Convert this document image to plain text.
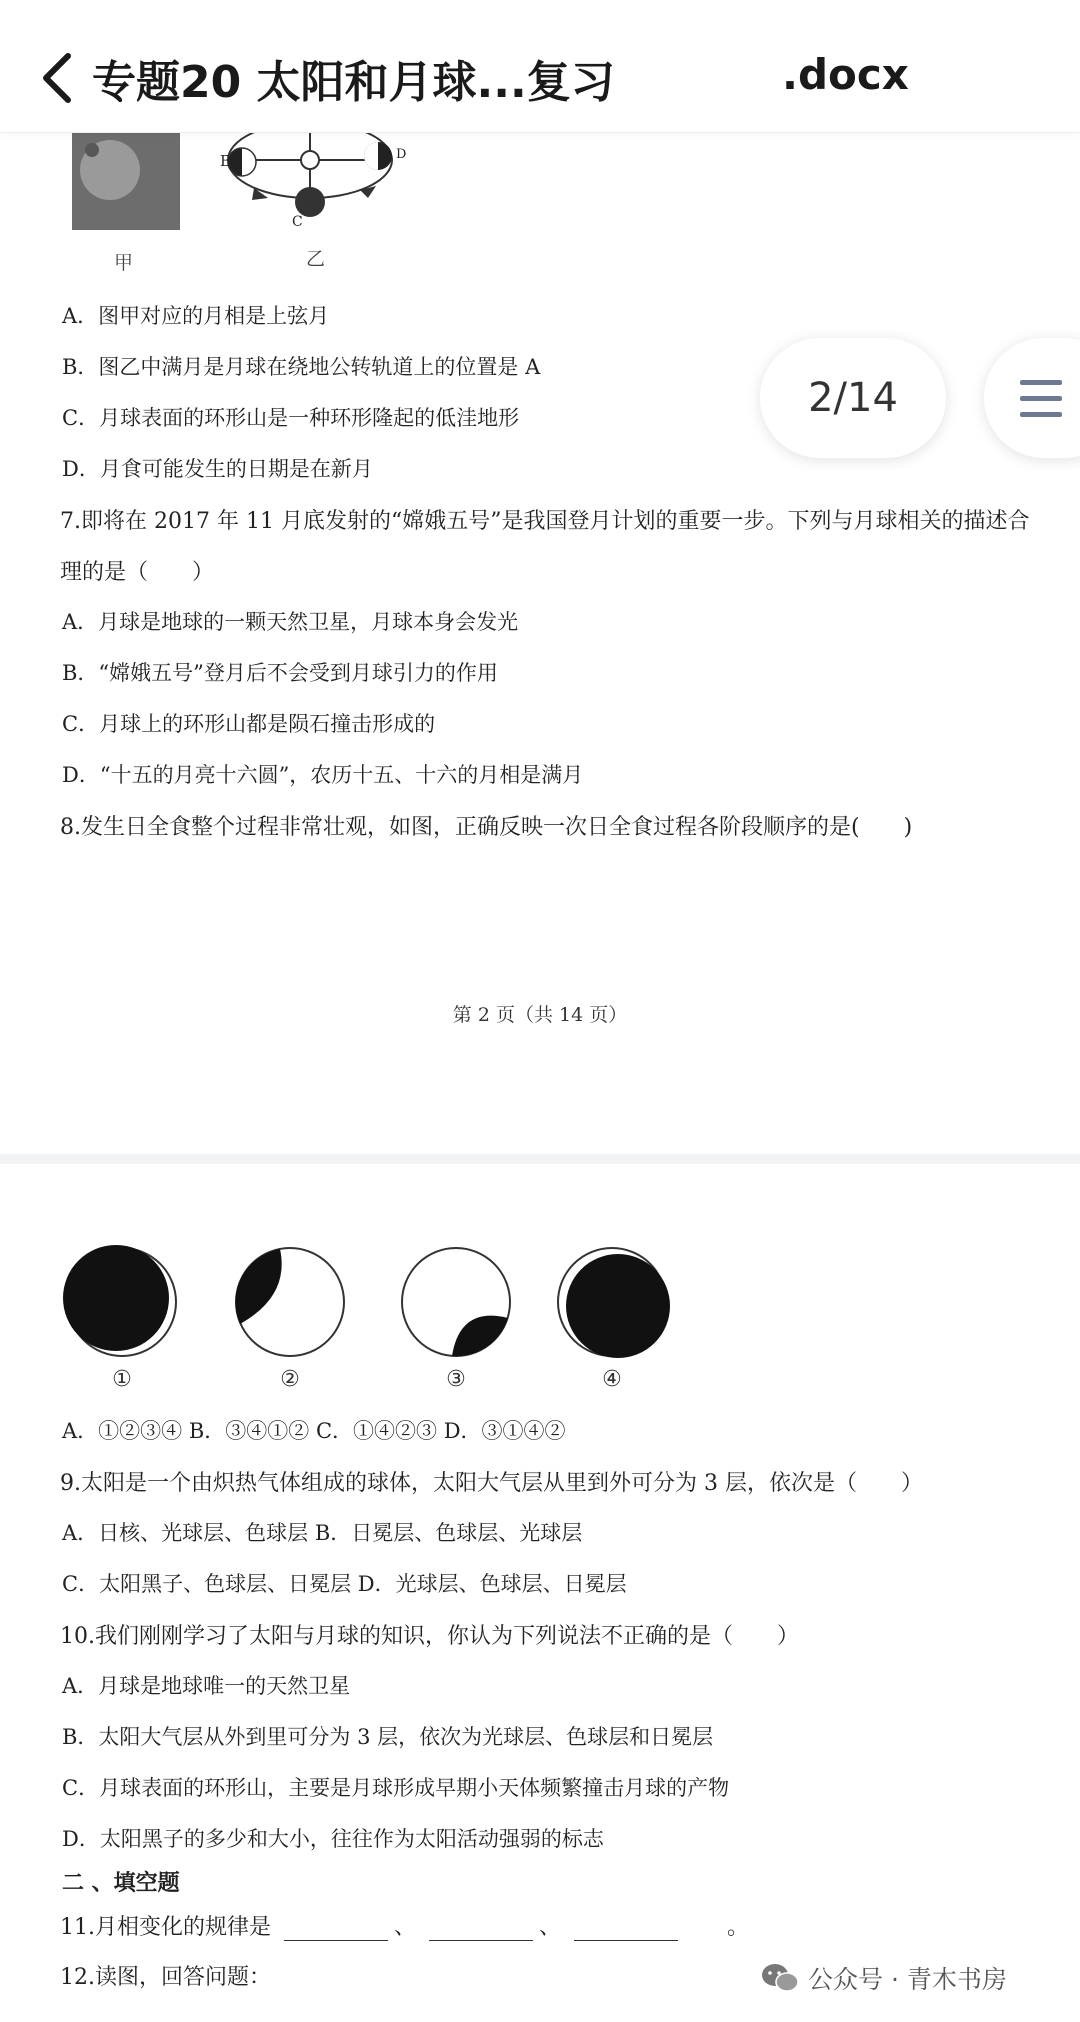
专题20 太阳和月球...复习	.docx
2/14
B	D
C
甲	乙
A．图甲对应的月相是上弦月
B．图乙中满月是月球在绕地公转轨道上的位置是 A
C．月球表面的环形山是一种环形隆起的低洼地形
D．月食可能发生的日期是在新月
7.即将在 2017 年 11 月底发射的“嫦娥五号”是我国登月计划的重要一步。下列与月球相关的描述合
理的是（　　）
A．月球是地球的一颗天然卫星，月球本身会发光
B．“嫦娥五号”登月后不会受到月球引力的作用
C．月球上的环形山都是陨石撞击形成的
D．“十五的月亮十六圆”，农历十五、十六的月相是满月
8.发生日全食整个过程非常壮观，如图，正确反映一次日全食过程各阶段顺序的是(　　)
第 2 页（共 14 页）
①	②	③	④
A．①②③④ B．③④①② C．①④②③ D．③①④②
9.太阳是一个由炽热气体组成的球体，太阳大气层从里到外可分为 3 层，依次是（　　）
A．日核、光球层、色球层 B．日冕层、色球层、光球层
C．太阳黑子、色球层、日冕层 D．光球层、色球层、日冕层
10.我们刚刚学习了太阳与月球的知识，你认为下列说法不正确的是（　　）
A．月球是地球唯一的天然卫星
B．太阳大气层从外到里可分为 3 层，依次为光球层、色球层和日冕层
C．月球表面的环形山，主要是月球形成早期小天体频繁撞击月球的产物
D．太阳黑子的多少和大小，往往作为太阳活动强弱的标志
二 、填空题
11.月相变化的规律是	、	、	。
12.读图，回答问题：	公众号 · 青木书房
